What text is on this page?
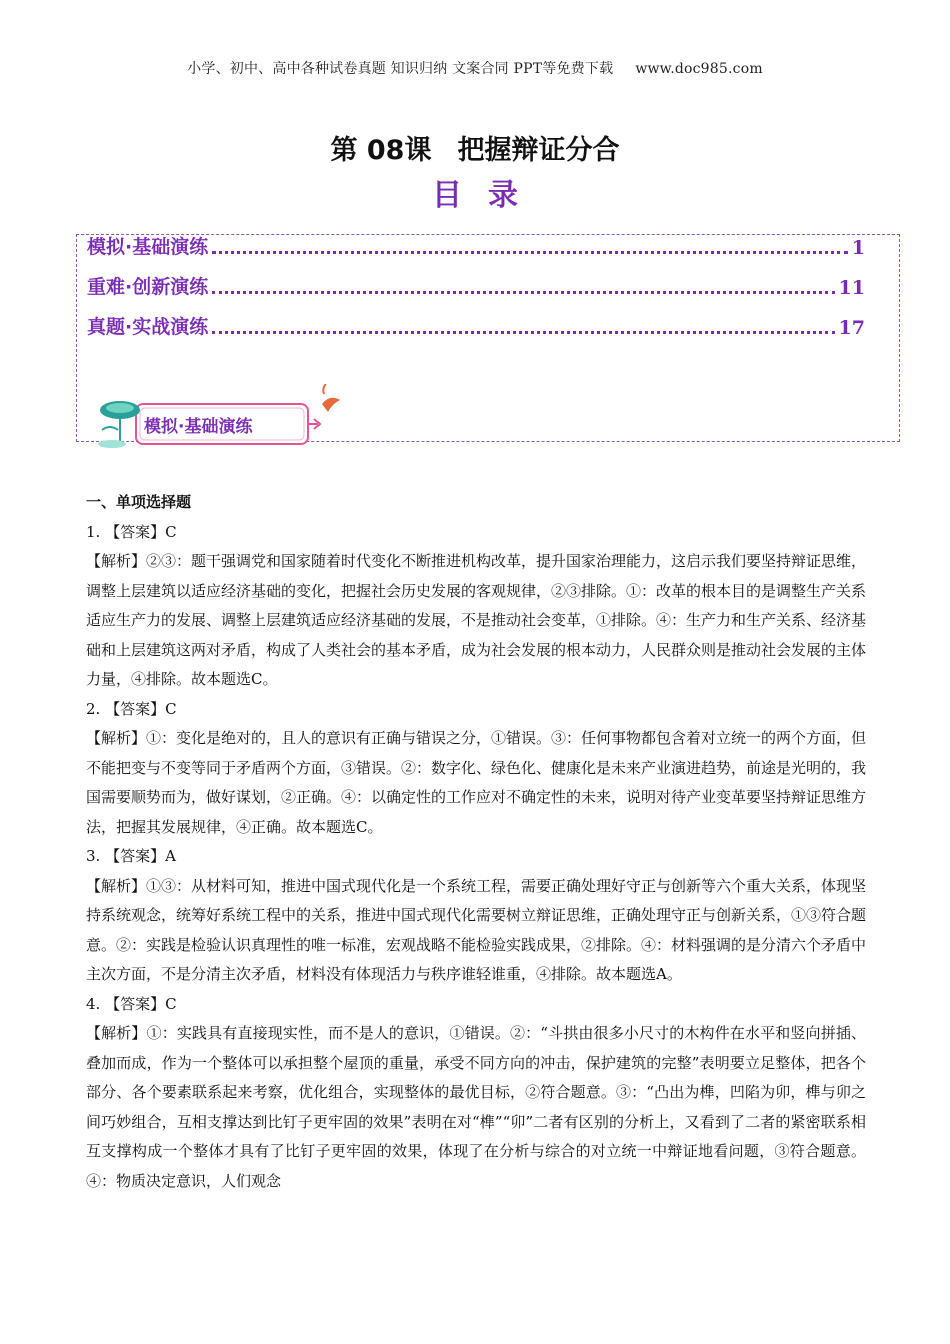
小学、初中、高中各种试卷真题 知识归纳 文案合同 PPT等免费下载 www.doc985.com
第 08课 把握辩证分合
目录
模拟·基础演练	1
重难·创新演练	11
真题·实战演练	17
模拟·基础演练
一、单项选择题

1. 【答案】C

【解析】②③：题干强调党和国家随着时代变化不断推进机构改革，提升国家治理能力，这启示我们要坚持辩证思维，调整上层建筑以适应经济基础的变化，把握社会历史发展的客观规律，②③排除。①：改革的根本目的是调整生产关系适应生产力的发展、调整上层建筑适应经济基础的发展，不是推动社会变革，①排除。④：生产力和生产关系、经济基础和上层建筑这两对矛盾，构成了人类社会的基本矛盾，成为社会发展的根本动力，人民群众则是推动社会发展的主体力量，④排除。故本题选C。

2. 【答案】C

【解析】①：变化是绝对的，且人的意识有正确与错误之分，①错误。③：任何事物都包含着对立统一的两个方面，但不能把变与不变等同于矛盾两个方面，③错误。②：数字化、绿色化、健康化是未来产业演进趋势，前途是光明的，我国需要顺势而为，做好谋划，②正确。④：以确定性的工作应对不确定性的未来，说明对待产业变革要坚持辩证思维方法，把握其发展规律，④正确。故本题选C。

3. 【答案】A

【解析】①③：从材料可知，推进中国式现代化是一个系统工程，需要正确处理好守正与创新等六个重大关系，体现坚持系统观念，统筹好系统工程中的关系，推进中国式现代化需要树立辩证思维，正确处理守正与创新关系，①③符合题意。②：实践是检验认识真理性的唯一标准，宏观战略不能检验实践成果，②排除。④：材料强调的是分清六个矛盾中主次方面，不是分清主次矛盾，材料没有体现活力与秩序谁轻谁重，④排除。故本题选A。

4. 【答案】C

【解析】①：实践具有直接现实性，而不是人的意识，①错误。②：“斗拱由很多小尺寸的木构件在水平和竖向拼插、叠加而成，作为一个整体可以承担整个屋顶的重量，承受不同方向的冲击，保护建筑的完整”表明要立足整体，把各个部分、各个要素联系起来考察，优化组合，实现整体的最优目标，②符合题意。③：“凸出为榫，凹陷为卯，榫与卯之间巧妙组合，互相支撑达到比钉子更牢固的效果”表明在对“榫”“卯”二者有区别的分析上，又看到了二者的紧密联系相互支撑构成一个整体才具有了比钉子更牢固的效果，体现了在分析与综合的对立统一中辩证地看问题，③符合题意。④：物质决定意识，人们观念
